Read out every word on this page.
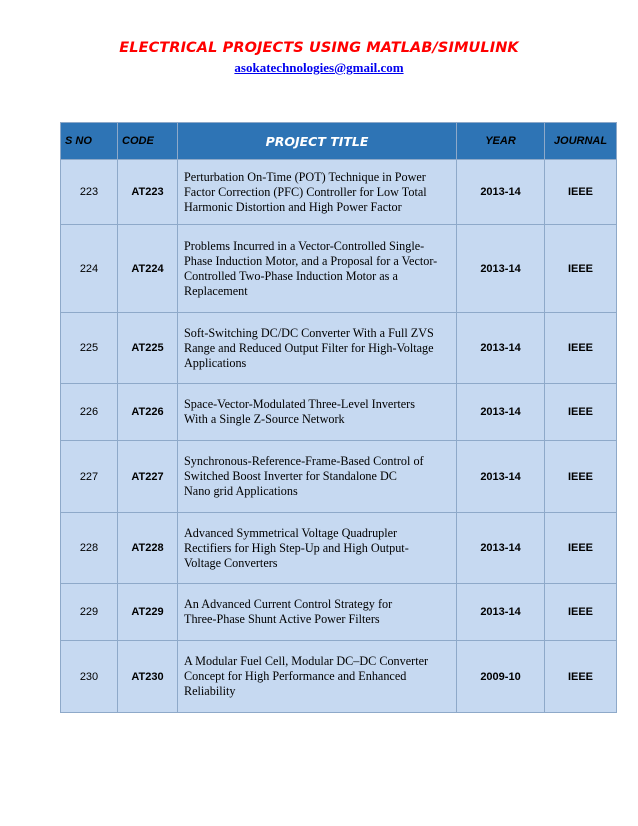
ELECTRICAL PROJECTS USING MATLAB/SIMULINK
asokatechnologies@gmail.com
S NO	CODE	PROJECT TITLE	YEAR	JOURNAL
223	AT223	Perturbation On-Time (POT) Technique in Power
Factor Correction (PFC) Controller for Low Total
Harmonic Distortion and High Power Factor	2013-14	IEEE
224	AT224	Problems Incurred in a Vector-Controlled Single-
Phase Induction Motor, and a Proposal for a Vector-
Controlled Two-Phase Induction Motor as a
Replacement	2013-14	IEEE
225	AT225	Soft-Switching DC/DC Converter With a Full ZVS
Range and Reduced Output Filter for High-Voltage
Applications	2013-14	IEEE
226	AT226	Space-Vector-Modulated Three-Level Inverters
With a Single Z-Source Network	2013-14	IEEE
227	AT227	Synchronous-Reference-Frame-Based Control of
Switched Boost Inverter for Standalone DC
Nano grid Applications	2013-14	IEEE
228	AT228	Advanced Symmetrical Voltage Quadrupler
Rectifiers for High Step-Up and High Output-
Voltage Converters	2013-14	IEEE
229	AT229	An Advanced Current Control Strategy for
Three-Phase Shunt Active Power Filters	2013-14	IEEE
230	AT230	A Modular Fuel Cell, Modular DC–DC Converter
Concept for High Performance and Enhanced
Reliability	2009-10	IEEE
